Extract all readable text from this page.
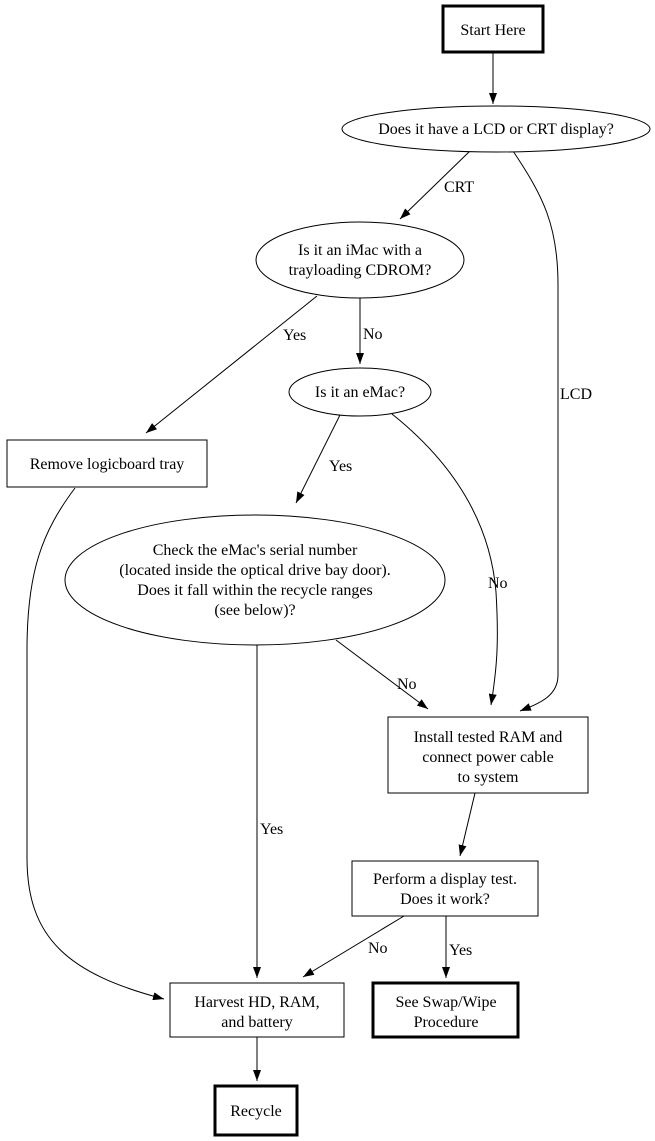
CRT
LCD
Yes	No
Yes
No
Yes
No
No	Yes
Start Here
Does it have a LCD or CRT display?
Is it an iMac with a
trayloading CDROM?
Is it an eMac?
Remove logicboard tray
Check the eMac's serial number
(located inside the optical drive bay door).
Does it fall within the recycle ranges
(see below)?
Install tested RAM and
connect power cable
to system
Perform a display test.
Does it work?
Harvest HD, RAM,
and battery
See Swap/Wipe
Procedure
Recycle
